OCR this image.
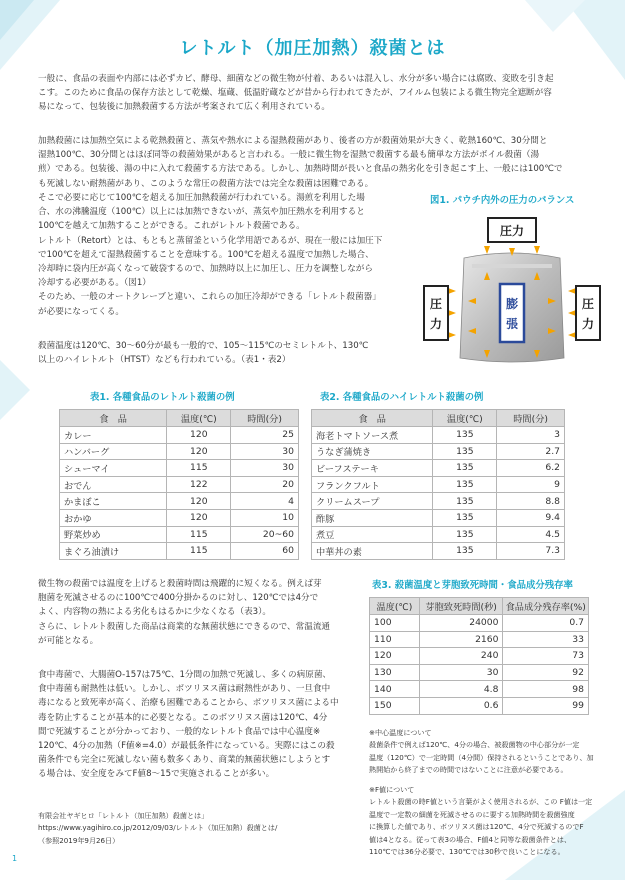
レトルト（加圧加熱）殺菌とは
一般に、食品の表面や内部には必ずカビ、酵母、細菌などの微生物が付着、あるいは混入し、水分が多い場合には腐敗、変敗を引き起
こす。このために食品の保存方法として乾燥、塩蔵、低温貯蔵などが昔から行われてきたが、フイルム包装による微生物完全遮断が容
易になって、包装後に加熱殺菌する方法が考案されて広く利用されている。
加熱殺菌には加熱空気による乾熱殺菌と、蒸気や熱水による湿熱殺菌があり、後者の方が殺菌効果が大きく、乾熱160℃、30分間と
湿熱100℃、30分間とはほぼ同等の殺菌効果があると言われる。一般に微生物を湿熱で殺菌する最も簡単な方法がボイル殺菌（湯
煎）である。包装後、湯の中に入れて殺菌する方法である。しかし、加熱時間が長いと食品の熱劣化を引き起こす上、一般には100℃で
も死滅しない耐熱菌があり、このような常圧の殺菌方法では完全な殺菌は困難である。
そこで必要に応じて100℃を超える加圧加熱殺菌が行われている。湯煎を利用した場
合、水の沸騰温度（100℃）以上には加熱できないが、蒸気や加圧熱水を利用すると
100℃を越えて加熱することができる。これがレトルト殺菌である。
レトルト（Retort）とは、もともと蒸留釜という化学用語であるが、現在一般には加圧下
で100℃を超えて湿熱殺菌することを意味する。100℃を超える温度で加熱した場合、
冷却時に袋内圧が高くなって破袋するので、加熱時以上に加圧し、圧力を調整しながら
冷却する必要がある。（図1）
そのため、一般のオートクレーブと違い、これらの加圧冷却ができる「レトルト殺菌器」
が必要になってくる。
殺菌温度は120℃、30～60分が最も一般的で、105～115℃のセミレトルト、130℃
以上のハイレトルト（HTST）なども行われている。（表1・表2）
図1. パウチ内外の圧力のバランス
圧力
圧
力
圧
力
膨
張
表1. 各種食品のレトルト殺菌の例
食　品	温度(℃)	時間(分)
カレー	120	25
ハンバーグ	120	30
シューマイ	115	30
おでん	122	20
かまぼこ	120	4
おかゆ	120	10
野菜炒め	115	20~60
まぐろ油漬け	115	60
表2. 各種食品のハイレトルト殺菌の例
食　品	温度(℃)	時間(分)
海老トマトソース煮	135	3
うなぎ蒲焼き	135	2.7
ビーフステーキ	135	6.2
フランクフルト	135	9
クリームスープ	135	8.8
酢豚	135	9.4
煮豆	135	4.5
中華丼の素	135	7.3
微生物の殺菌では温度を上げると殺菌時間は飛躍的に短くなる。例えば芽
胞菌を死滅させるのに100℃で400分掛かるのに対し、120℃では4分で
よく、内容物の熱による劣化もはるかに少なくなる（表3）。
さらに、レトルト殺菌した商品は商業的な無菌状態にできるので、常温流通
が可能となる。
食中毒菌で、大腸菌O-157は75℃、1分間の加熱で死滅し、多くの病原菌、
食中毒菌も耐熱性は低い。しかし、ボツリヌス菌は耐熱性があり、一旦食中
毒になると致死率が高く、治療も困難であることから、ボツリヌス菌による中
毒を防止することが基本的に必要となる。このボツリヌス菌は120℃、4分
間で死滅することが分かっており、一般的なレトルト食品では中心温度※
120℃、4分の加熱（F値※=4.0）が最低条件になっている。実際にはこの殺
菌条件でも完全に死滅しない菌も数多くあり、商業的無菌状態にしようとす
る場合は、安全度をみてF値8～15で実施されることが多い。
有限会社ヤギヒロ「レトルト（加圧加熱）殺菌とは」
https://www.yagihiro.co.jp/2012/09/03/レトルト（加圧加熱）殺菌とは/
（参照2019年9月26日）
表3. 殺菌温度と芽胞致死時間・食品成分残存率
温度(℃)	芽胞致死時間(秒)	食品成分残存率(%)
100	24000	0.7
110	2160	33
120	240	73
130	30	92
140	4.8	98
150	0.6	99
※中心温度について
殺菌条件で例えば120℃、4分の場合、被殺菌物の中心部分が一定
温度（120℃）で一定時間（4分間）保持されるということであり、加
熱開始から終了までの時間ではないことに注意が必要である。
※F値について
レトルト殺菌の時F値という言葉がよく使用されるが、この F値は一定
温度で一定数の細菌を死滅させるのに要する加熱時間を殺菌強度
に換算した値であり、ボツリヌス菌は120℃、4分で死滅するのでF
値は4となる。従って表3の場合、F値4と同等な殺菌条件とは、
110℃では36分必要で、130℃では30秒で良いことになる。
1
